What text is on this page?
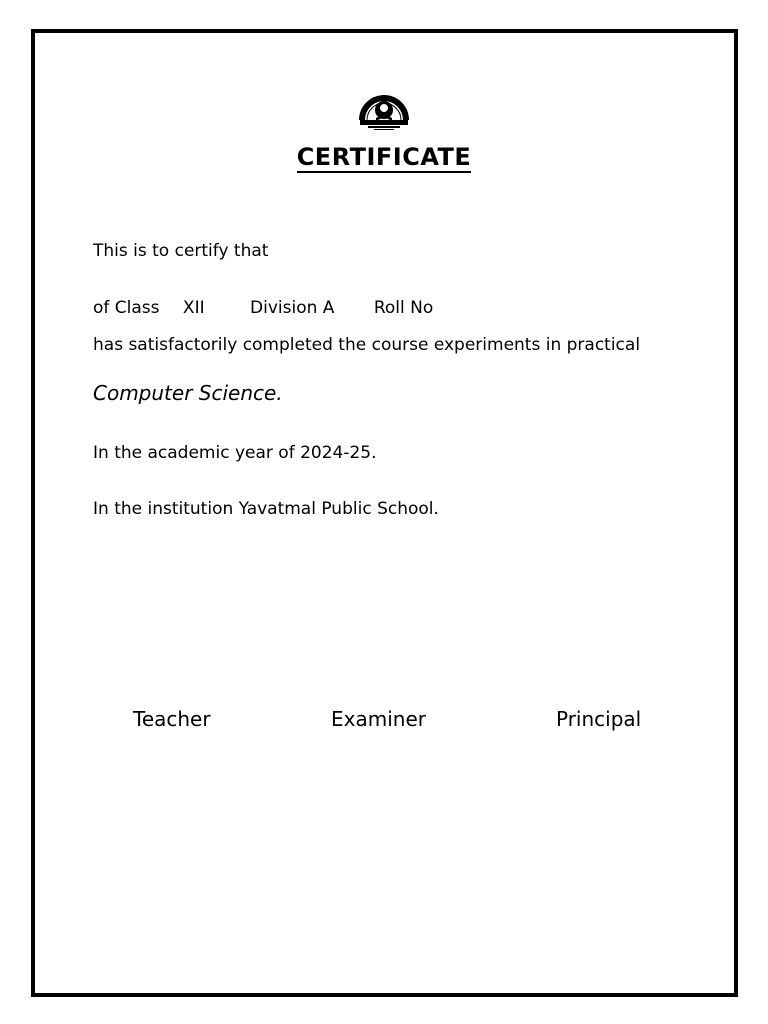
CERTIFICATE
This is to certify that
of Class XII	Division A Roll No
has satisfactorily completed the course experiments in practical
Computer Science.
In the academic year of 2024-25.
In the institution Yavatmal Public School.
Teacher	Examiner	Principal
